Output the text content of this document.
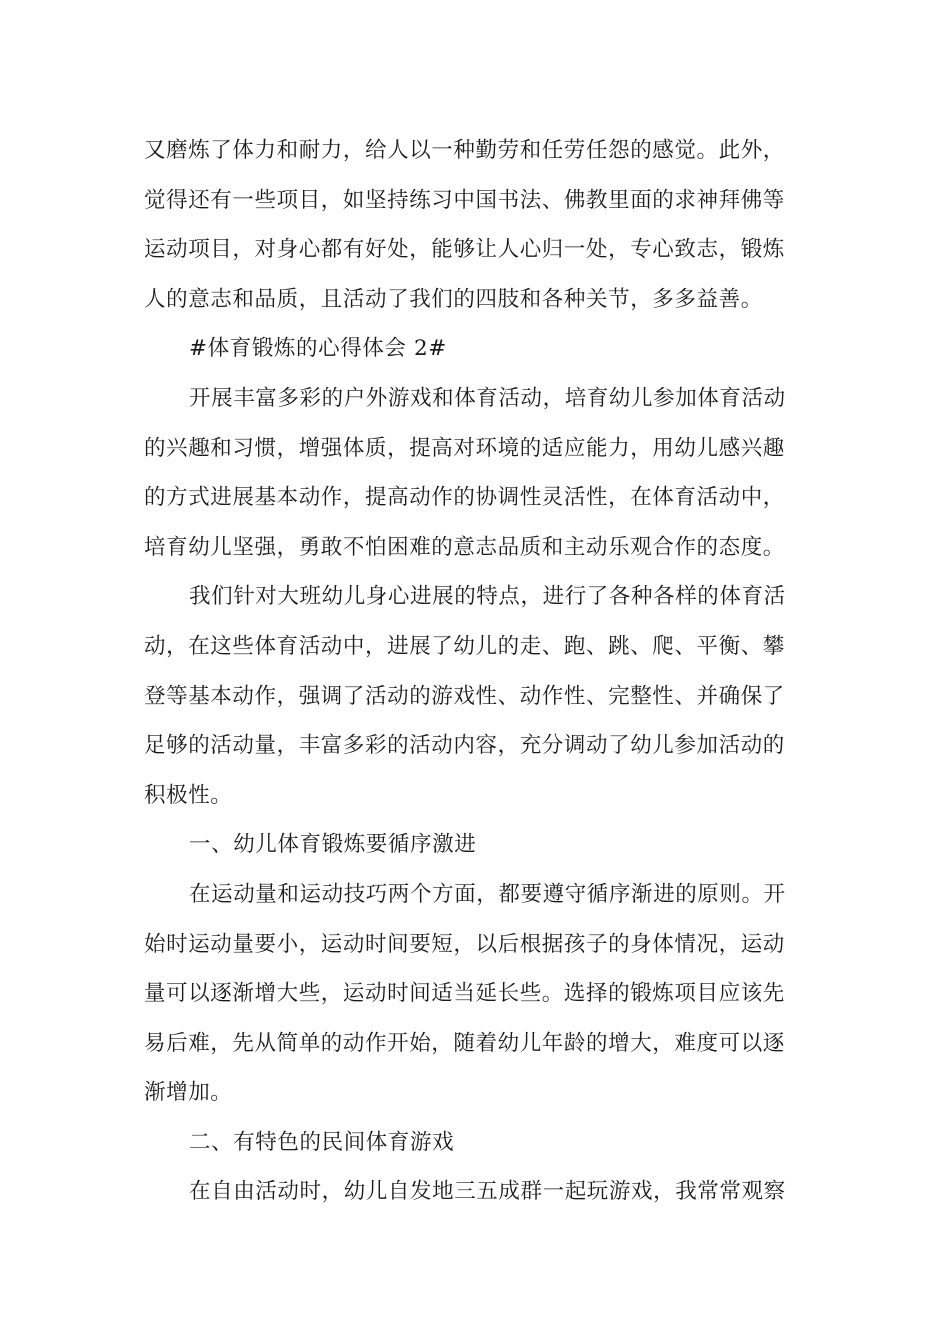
又磨炼了体力和耐力，给人以一种勤劳和任劳任怨的感觉。此外，
觉得还有一些项目，如坚持练习中国书法、佛教里面的求神拜佛等
运动项目，对身心都有好处，能够让人心归一处，专心致志，锻炼
人的意志和品质，且活动了我们的四肢和各种关节，多多益善。
#体育锻炼的心得体会 2#
开展丰富多彩的户外游戏和体育活动，培育幼儿参加体育活动
的兴趣和习惯，增强体质，提高对环境的适应能力，用幼儿感兴趣
的方式进展基本动作，提高动作的协调性灵活性，在体育活动中，
培育幼儿坚强，勇敢不怕困难的意志品质和主动乐观合作的态度。
我们针对大班幼儿身心进展的特点，进行了各种各样的体育活
动，在这些体育活动中，进展了幼儿的走、跑、跳、爬、平衡、攀
登等基本动作，强调了活动的游戏性、动作性、完整性、并确保了
足够的活动量，丰富多彩的活动内容，充分调动了幼儿参加活动的
积极性。
一、幼儿体育锻炼要循序激进
在运动量和运动技巧两个方面，都要遵守循序渐进的原则。开
始时运动量要小，运动时间要短，以后根据孩子的身体情况，运动
量可以逐渐增大些，运动时间适当延长些。选择的锻炼项目应该先
易后难，先从简单的动作开始，随着幼儿年龄的增大，难度可以逐
渐增加。
二、有特色的民间体育游戏
在自由活动时，幼儿自发地三五成群一起玩游戏，我常常观察
